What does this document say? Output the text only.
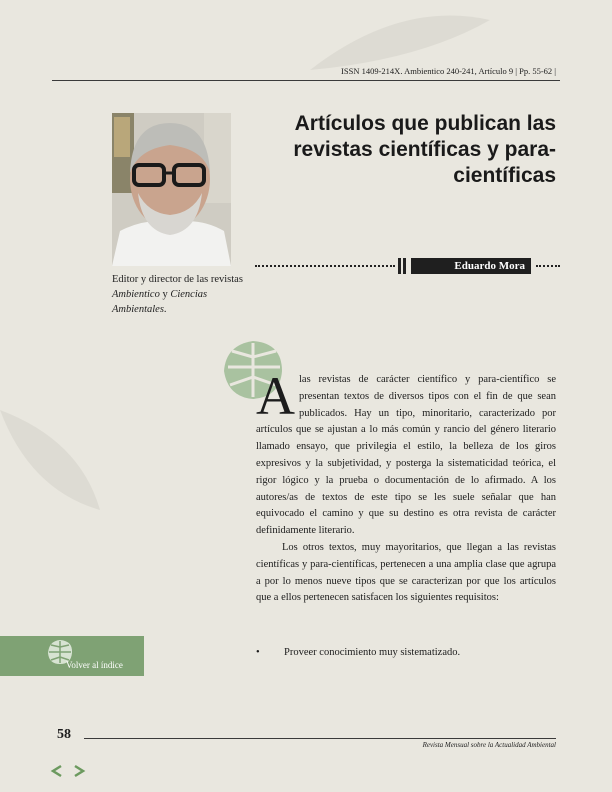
ISSN 1409-214X. Ambientico 240-241, Artículo 9 | Pp. 55-62 |
Editor y director de las revistas Ambientico y Ciencias Ambientales.
Artículos que publican las revistas científicas y para-científicas
Eduardo Mora

Alas revistas de carácter científico y para-científico se presentan textos de diversos tipos con el fin de que sean publicados. Hay un tipo, minoritario, caracterizado por artículos que se ajustan a lo más común y rancio del género literario llamado ensayo, que privilegia el estilo, la belleza de los giros expresivos y la subjetividad, y posterga la sistematicidad teórica, el rigor lógico y la prueba o documentación de lo afirmado. A los autores/as de textos de este tipo se les suele señalar que han equivocado el camino y que su destino es otra revista de carácter definidamente literario.

Los otros textos, muy mayoritarios, que llegan a las revistas científicas y para-científicas, pertenecen a una amplia clase que agrupa a por lo menos nueve tipos que se caracterizan por que los artículos que a ellos pertenecen satisfacen los siguientes requisitos:

• Proveer conocimiento muy sistematizado.
Volver al índice
58
Revista Mensual sobre la Actualidad Ambiental
